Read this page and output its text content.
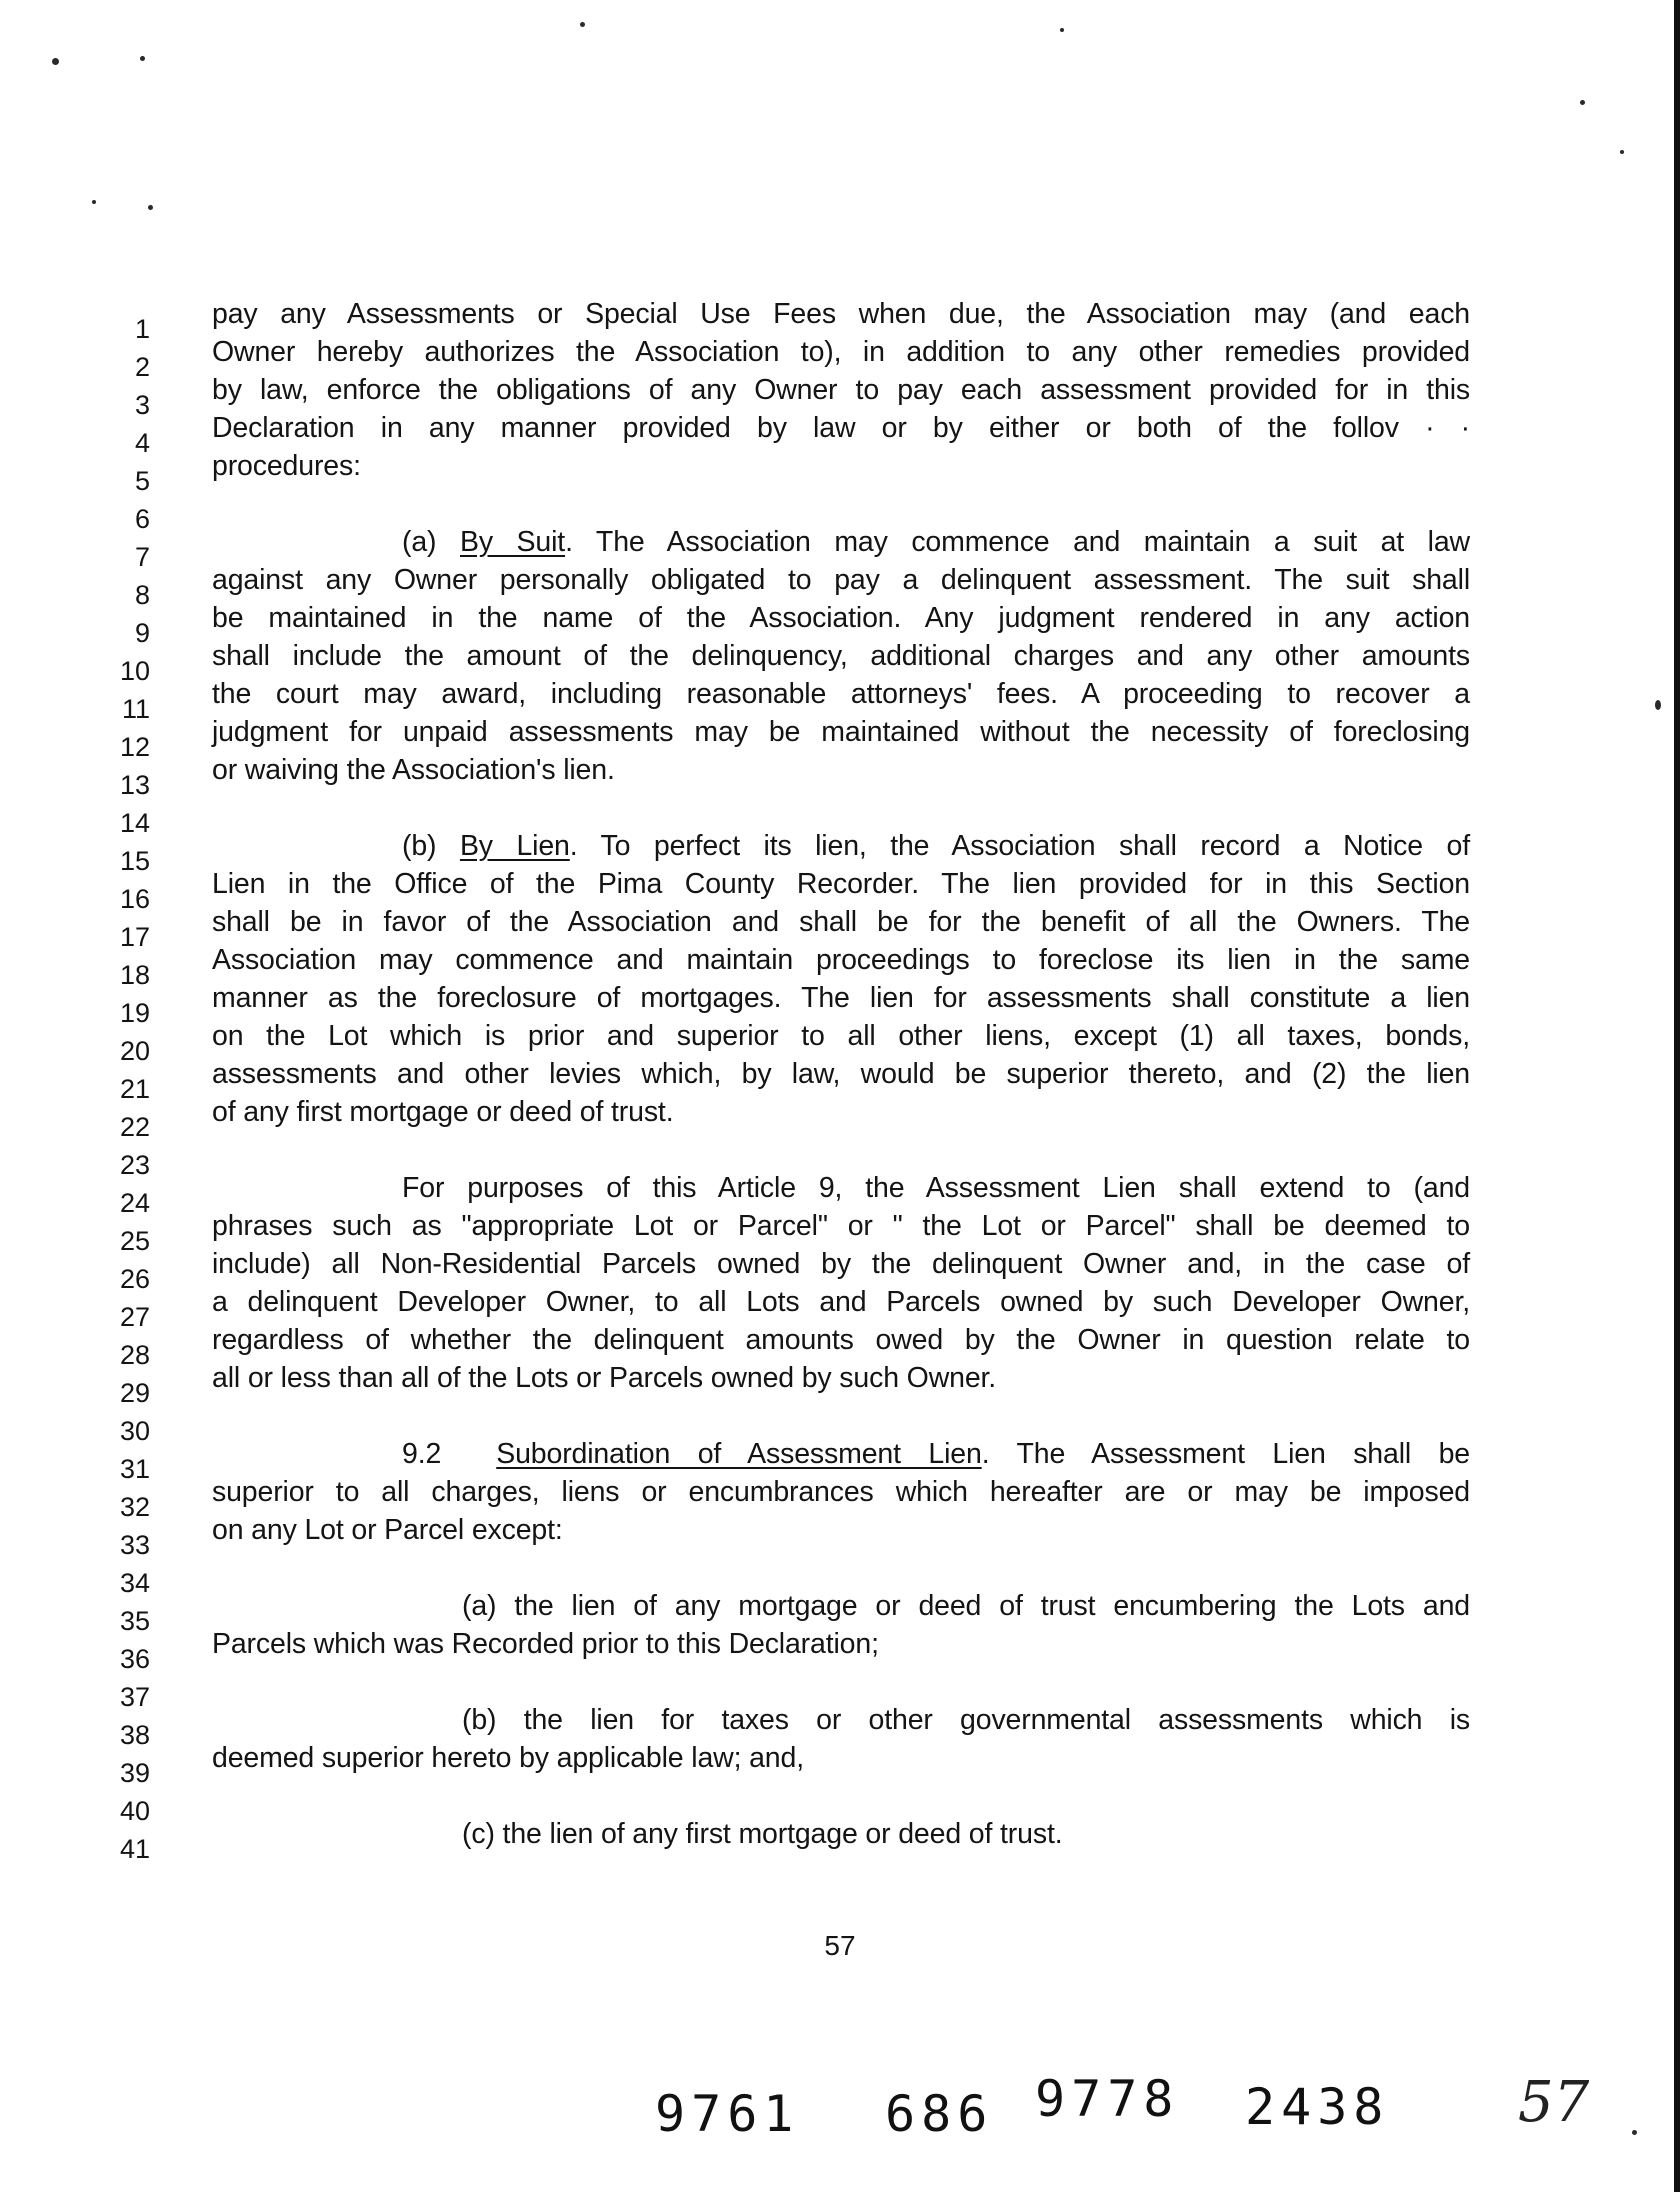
1
2
3
4
5
6
7
8
9
10
11
12
13
14
15
16
17
18
19
20
21
22
23
24
25
26
27
28
29
30
31
32
33
34
35
36
37
38
39
40
41
pay any Assessments or Special Use Fees when due, the Association may (and each
Owner hereby authorizes the Association to), in addition to any other remedies provided
by law, enforce the obligations of any Owner to pay each assessment provided for in this
Declaration in any manner provided by law or by either or both of the follov · ·
procedures:
(a) By Suit. The Association may commence and maintain a suit at law
against any Owner personally obligated to pay a delinquent assessment. The suit shall
be maintained in the name of the Association. Any judgment rendered in any action
shall include the amount of the delinquency, additional charges and any other amounts
the court may award, including reasonable attorneys' fees. A proceeding to recover a
judgment for unpaid assessments may be maintained without the necessity of foreclosing
or waiving the Association's lien.
(b) By Lien. To perfect its lien, the Association shall record a Notice of
Lien in the Office of the Pima County Recorder. The lien provided for in this Section
shall be in favor of the Association and shall be for the benefit of all the Owners. The
Association may commence and maintain proceedings to foreclose its lien in the same
manner as the foreclosure of mortgages. The lien for assessments shall constitute a lien
on the Lot which is prior and superior to all other liens, except (1) all taxes, bonds,
assessments and other levies which, by law, would be superior thereto, and (2) the lien
of any first mortgage or deed of trust.
For purposes of this Article 9, the Assessment Lien shall extend to (and
phrases such as "appropriate Lot or Parcel" or " the Lot or Parcel" shall be deemed to
include) all Non-Residential Parcels owned by the delinquent Owner and, in the case of
a delinquent Developer Owner, to all Lots and Parcels owned by such Developer Owner,
regardless of whether the delinquent amounts owed by the Owner in question relate to
all or less than all of the Lots or Parcels owned by such Owner.
9.2 Subordination of Assessment Lien. The Assessment Lien shall be
superior to all charges, liens or encumbrances which hereafter are or may be imposed
on any Lot or Parcel except:
(a) the lien of any mortgage or deed of trust encumbering the Lots and
Parcels which was Recorded prior to this Declaration;
(b) the lien for taxes or other governmental assessments which is
deemed superior hereto by applicable law; and,
(c) the lien of any first mortgage or deed of trust.
57
9761 686 9778 2438 57
